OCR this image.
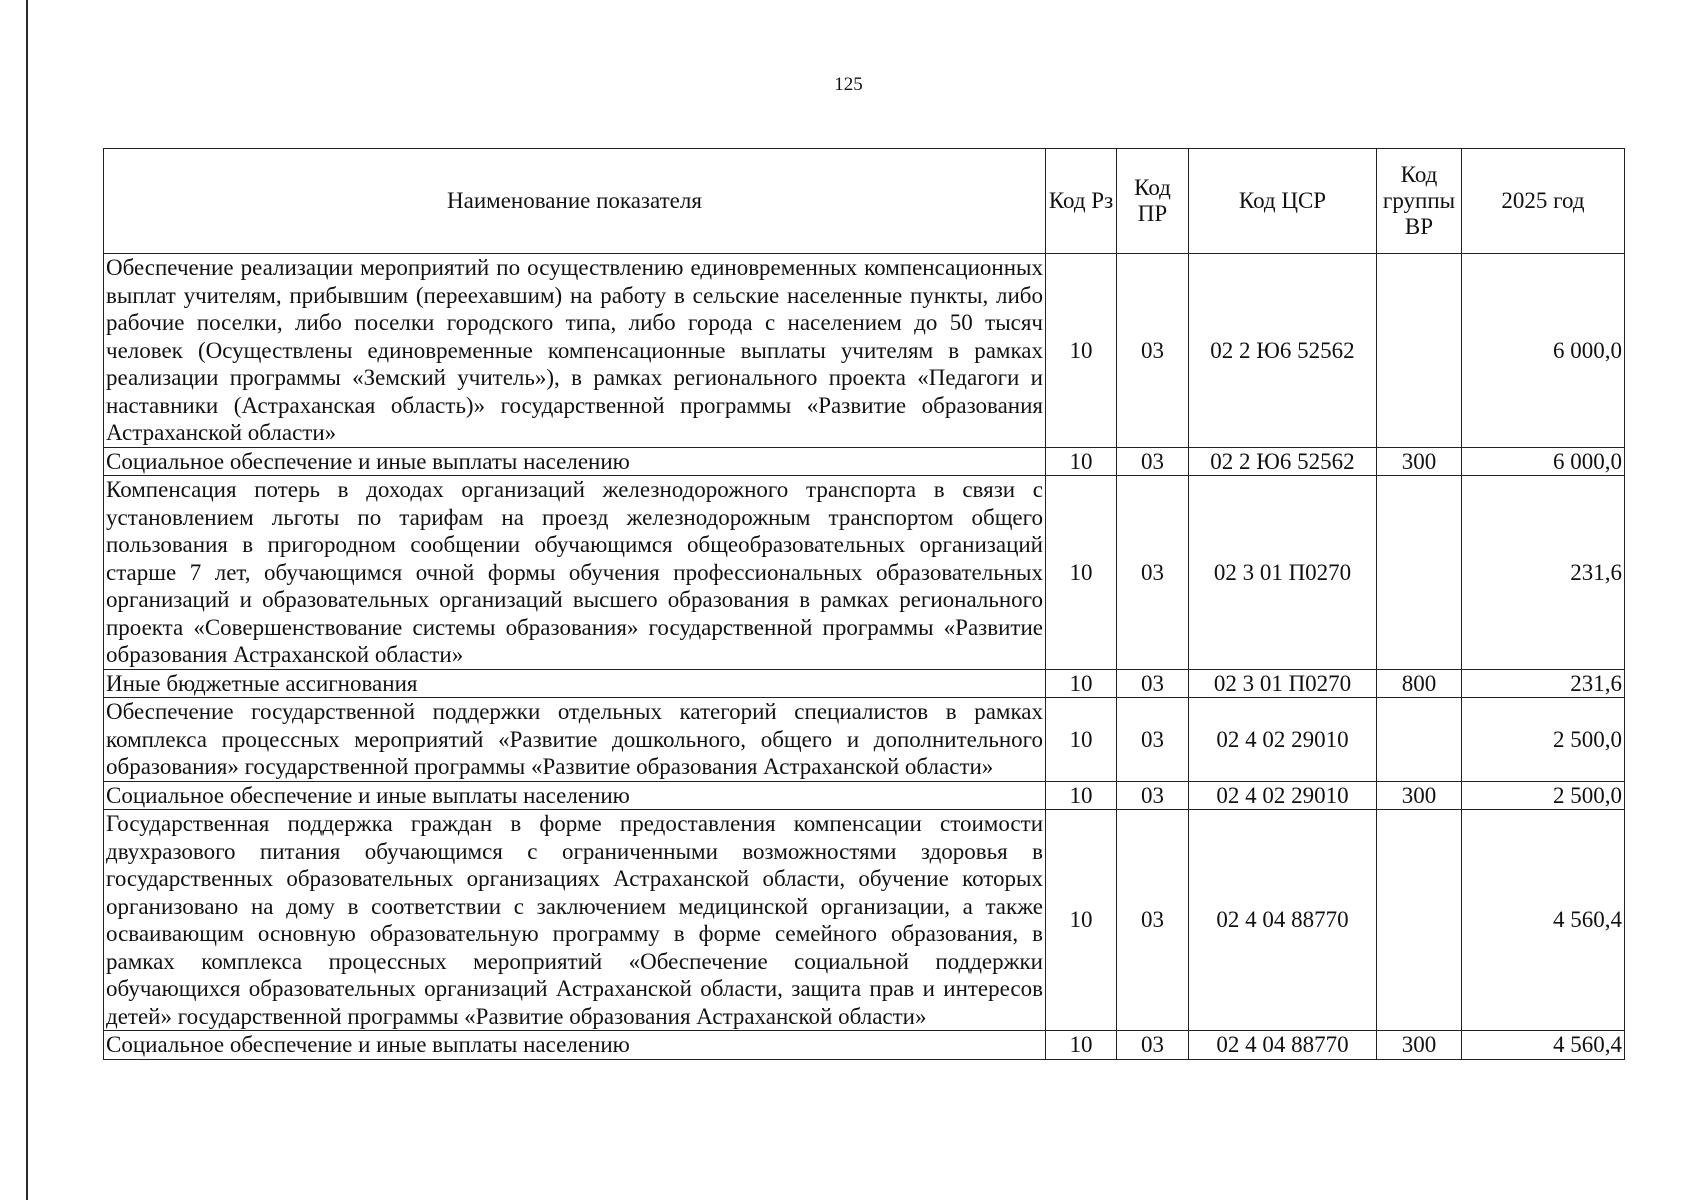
125
Наименование показателя	Код Рз	Код ПР	Код ЦСР	Код группы ВР	2025 год
Обеспечение реализации мероприятий по осуществлению единовременных компенсационных выплат учителям, прибывшим (переехавшим) на работу в сельские населенные пункты, либо рабочие поселки, либо поселки городского типа, либо города с населением до 50 тысяч человек (Осуществлены единовременные компенсационные выплаты учителям в рамках реализации программы «Земский учитель»), в рамках регионального проекта «Педагоги и наставники (Астраханская область)» государственной программы «Развитие образования Астраханской области»	10	03	02 2 Ю6 52562		6 000,0
Социальное обеспечение и иные выплаты населению	10	03	02 2 Ю6 52562	300	6 000,0
Компенсация потерь в доходах организаций железнодорожного транспорта в связи с установлением льготы по тарифам на проезд железнодорожным транспортом общего пользования в пригородном сообщении обучающимся общеобразовательных организаций старше 7 лет, обучающимся очной формы обучения профессиональных образовательных организаций и образовательных организаций высшего образования в рамках регионального проекта «Совершенствование системы образования» государственной программы «Развитие образования Астраханской области»	10	03	02 3 01 П0270		231,6
Иные бюджетные ассигнования	10	03	02 3 01 П0270	800	231,6
Обеспечение государственной поддержки отдельных категорий специалистов в рамках комплекса процессных мероприятий «Развитие дошкольного, общего и дополнительного образования» государственной программы «Развитие образования Астраханской области»	10	03	02 4 02 29010		2 500,0
Социальное обеспечение и иные выплаты населению	10	03	02 4 02 29010	300	2 500,0
Государственная поддержка граждан в форме предоставления компенсации стоимости двухразового питания обучающимся с ограниченными возможностями здоровья в государственных образовательных организациях Астраханской области, обучение которых организовано на дому в соответствии с заключением медицинской организации, а также осваивающим основную образовательную программу в форме семейного образования, в рамках комплекса процессных мероприятий «Обеспечение социальной поддержки обучающихся образовательных организаций Астраханской области, защита прав и интересов детей» государственной программы «Развитие образования Астраханской области»	10	03	02 4 04 88770		4 560,4
Социальное обеспечение и иные выплаты населению	10	03	02 4 04 88770	300	4 560,4
